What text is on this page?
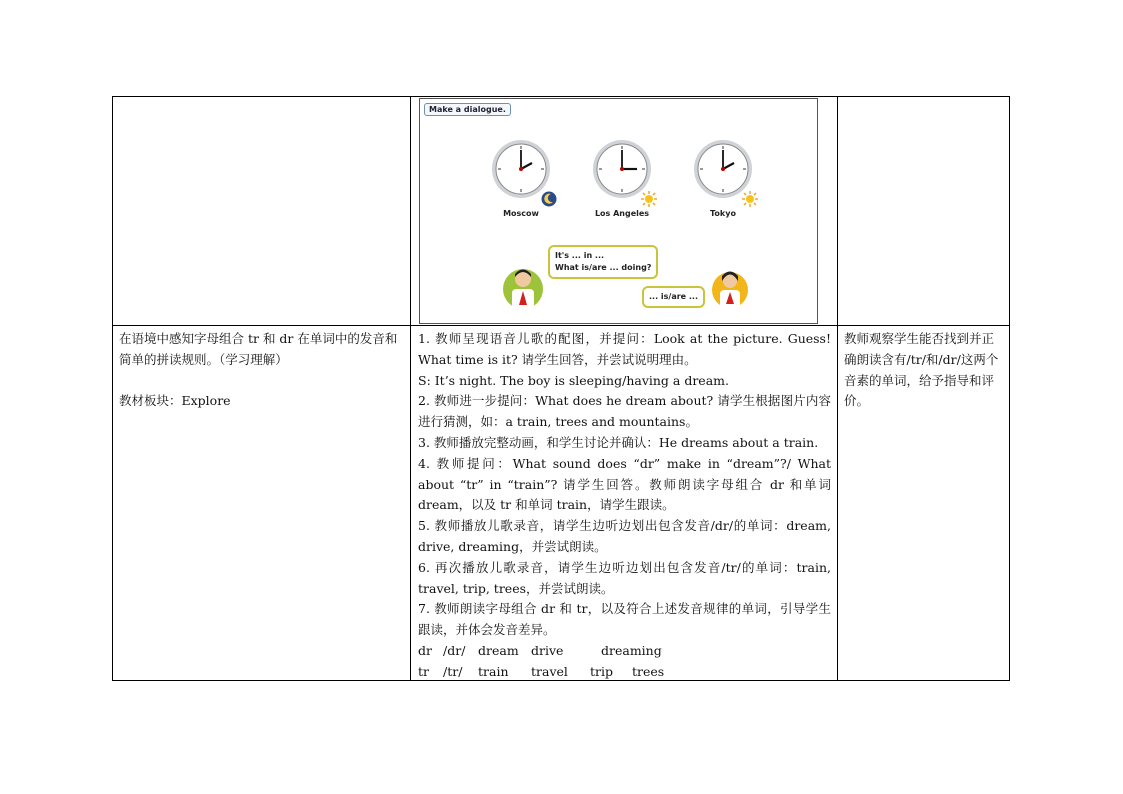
Make a dialogue.
Moscow	Los Angeles	Tokyo
It's ... in ...
What is/are ... doing?
... is/are ...

在语境中感知字母组合 tr 和 dr 在单词中的发音和简单的拼读规则。（学习理解）

教材板块：Explore

1. 教师呈现语音儿歌的配图，并提问：Look at the picture. Guess! What time is it? 请学生回答，并尝试说明理由。

S: It’s night. The boy is sleeping/having a dream.

2. 教师进一步提问：What does he dream about? 请学生根据图片内容进行猜测，如：a train, trees and mountains。

3. 教师播放完整动画，和学生讨论并确认：He dreams about a train.

4. 教师提问：What sound does “dr” make in “dream”?/ What about “tr” in “train”? 请学生回答。教师朗读字母组合 dr 和单词 dream，以及 tr 和单词 train，请学生跟读。

5. 教师播放儿歌录音，请学生边听边划出包含发音/dr/的单词：dream, drive, dreaming，并尝试朗读。

6. 再次播放儿歌录音，请学生边听边划出包含发音/tr/的单词：train, travel, trip, trees，并尝试朗读。

7. 教师朗读字母组合 dr 和 tr，以及符合上述发音规律的单词，引导学生跟读，并体会发音差异。

dr /dr/	dream drive	dreaming
tr	/tr/	train	travel	trip	trees

教师观察学生能否找到并正确朗读含有/tr/和/dr/这两个音素的单词，给予指导和评价。
